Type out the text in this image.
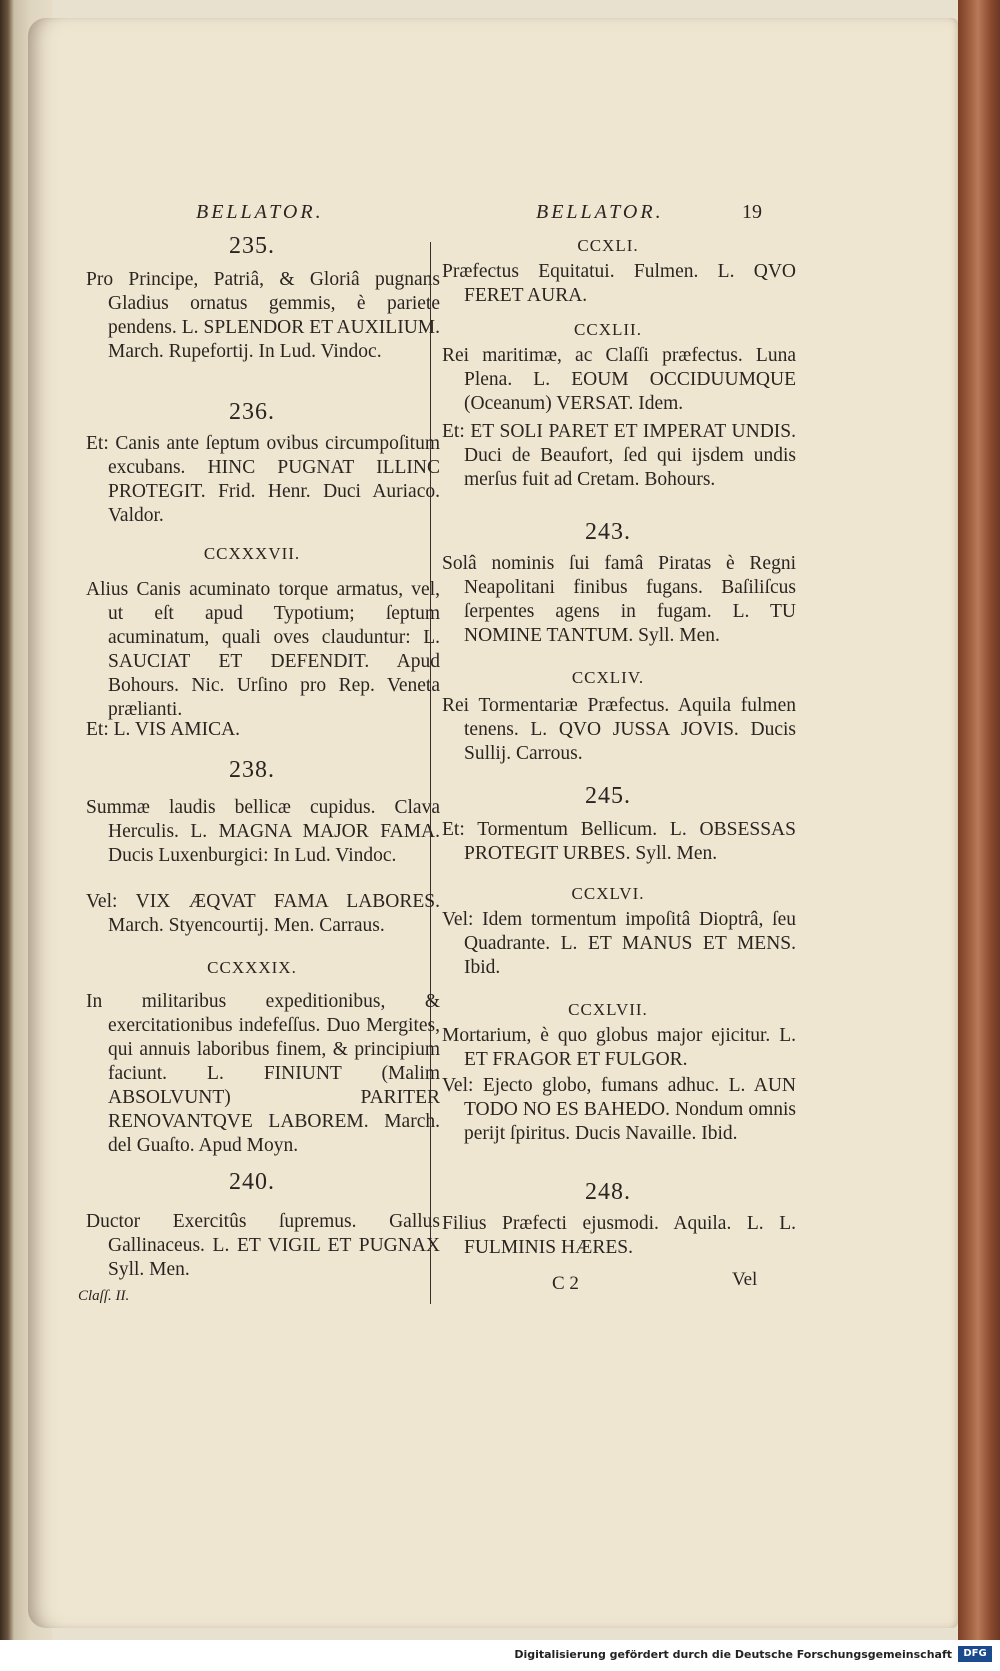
BELLATOR.	BELLATOR.	19
235.
Pro Principe, Patriâ, & Gloriâ pugnans Gladius ornatus gemmis, è pariete pendens. L. SPLENDOR ET AUXILIUM. March. Rupefortij. In Lud. Vindoc.
236.
Et: Canis ante ſeptum ovibus circumpoſitum excubans. HINC PUGNAT ILLINC PROTEGIT. Frid. Henr. Duci Auriaco. Valdor.
CCXXXVII.
Alius Canis acuminato torque armatus, vel, ut eſt apud Typotium; ſeptum acuminatum, quali oves clauduntur: L. SAUCIAT ET DEFENDIT. Apud Bohours. Nic. Urſino pro Rep. Veneta prælianti.
Et: L. VIS AMICA.
238.
Summæ laudis bellicæ cupidus. Clava Herculis. L. MAGNA MAJOR FAMA. Ducis Luxenburgici: In Lud. Vindoc.
Vel: VIX ÆQVAT FAMA LABORES. March. Styencourtij. Men. Carraus.
CCXXXIX.
In militaribus expeditionibus, & exercitationibus indefeſſus. Duo Mergites, qui annuis laboribus finem, & principium faciunt. L. FINIUNT (Malim ABSOLVUNT) PARITER RENOVANTQVE LABOREM. March. del Guaſto. Apud Moyn.
240.
Ductor Exercitûs ſupremus. Gallus Gallinaceus. L. ET VIGIL ET PUGNAX Syll. Men.
Claſſ. II.
CCXLI.
Præfectus Equitatui. Fulmen. L. QVO FERET AURA.
CCXLII.
Rei maritimæ, ac Claſſi præfectus. Luna Plena. L. EOUM OCCIDUUMQUE (Oceanum) VERSAT. Idem.
Et: ET SOLI PARET ET IMPERAT UNDIS. Duci de Beaufort, ſed qui ijsdem undis merſus fuit ad Cretam. Bohours.
243.
Solâ nominis ſui famâ Piratas è Regni Neapolitani finibus fugans. Baſiliſcus ſerpentes agens in fugam. L. TU NOMINE TANTUM. Syll. Men.
CCXLIV.
Rei Tormentariæ Præfectus. Aquila fulmen tenens. L. QVO JUSSA JOVIS. Ducis Sullij. Carrous.
245.
Et: Tormentum Bellicum. L. OBSESSAS PROTEGIT URBES. Syll. Men.
CCXLVI.
Vel: Idem tormentum impoſitâ Dioptrâ, ſeu Quadrante. L. ET MANUS ET MENS. Ibid.
CCXLVII.
Mortarium, è quo globus major ejicitur. L. ET FRAGOR ET FULGOR.
Vel: Ejecto globo, fumans adhuc. L. AUN TODO NO ES BAHEDO. Nondum omnis perijt ſpiritus. Ducis Navaille. Ibid.
248.
Filius Præfecti ejusmodi. Aquila. L. L. FULMINIS HÆRES.
C 2	Vel
Digitalisierung gefördert durch die Deutsche Forschungsgemeinschaft	DFG
